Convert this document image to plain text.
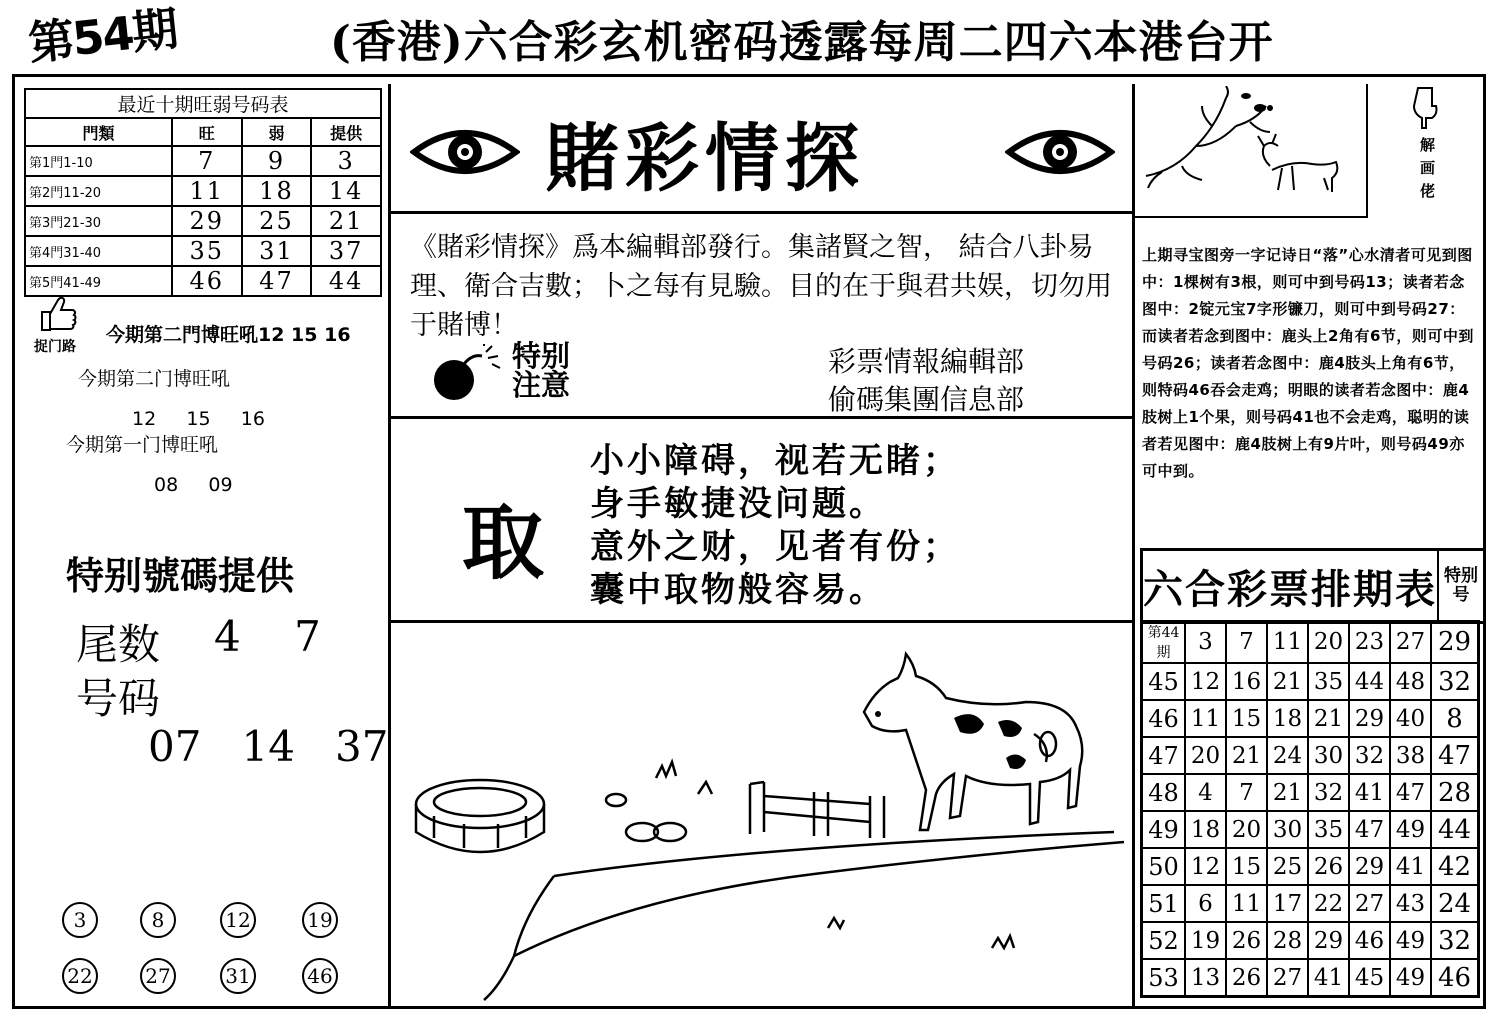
第54期	(香港)六合彩玄机密码透露每周二四六本港台开
最近十期旺弱号码表			
門類	旺	弱	提供
第1門1-10	7	9	3
第2門11-20	11	18	14
第3門21-30	29	25	21
第4門31-40	35	31	37
第5門41-49	46	47	44
捉门路
今期第二門博旺吼12 15 16
今期第二门博旺吼
12     15     16
今期第一门博旺吼
08     09
特别號碼提供
尾数 4    7
号码
07   14   37
3	8	12	19
22	27	31	46
賭彩情探
《賭彩情探》爲本編輯部發行。集諸賢之智， 結合八卦易理、衛合吉數；卜之每有見驗。目的在于與君共娱，切勿用于賭博！
特别
注意
彩票情報編輯部
偷碼集團信息部
取
小小障碍，视若无睹；
身手敏捷没问题。
意外之财，见者有份；
囊中取物般容易。
解
画
佬
上期寻宝图旁一字记诗日“落”心水清者可见到图中：1棵树有3根，则可中到号码13；读者若念图中：2锭元宝7字形镰刀，则可中到号码27：而读者若念到图中：鹿头上2角有6节，则可中到号码26；读者若念图中：鹿4肢头上角有6节，则特码46吞会走鸡；明眼的读者若念图中：鹿4肢树上1个果，则号码41也不会走鸡，聪明的读者若见图中：鹿4肢树上有9片叶，则号码49亦可中到。
六合彩票排期表	特别号
第44期	3	7	11	20	23	27	29
45	12	16	21	35	44	48	32
46	11	15	18	21	29	40	8
47	20	21	24	30	32	38	47
48	4	7	21	32	41	47	28
49	18	20	30	35	47	49	44
50	12	15	25	26	29	41	42
51	6	11	17	22	27	43	24
52	19	26	28	29	46	49	32
53	13	26	27	41	45	49	46
